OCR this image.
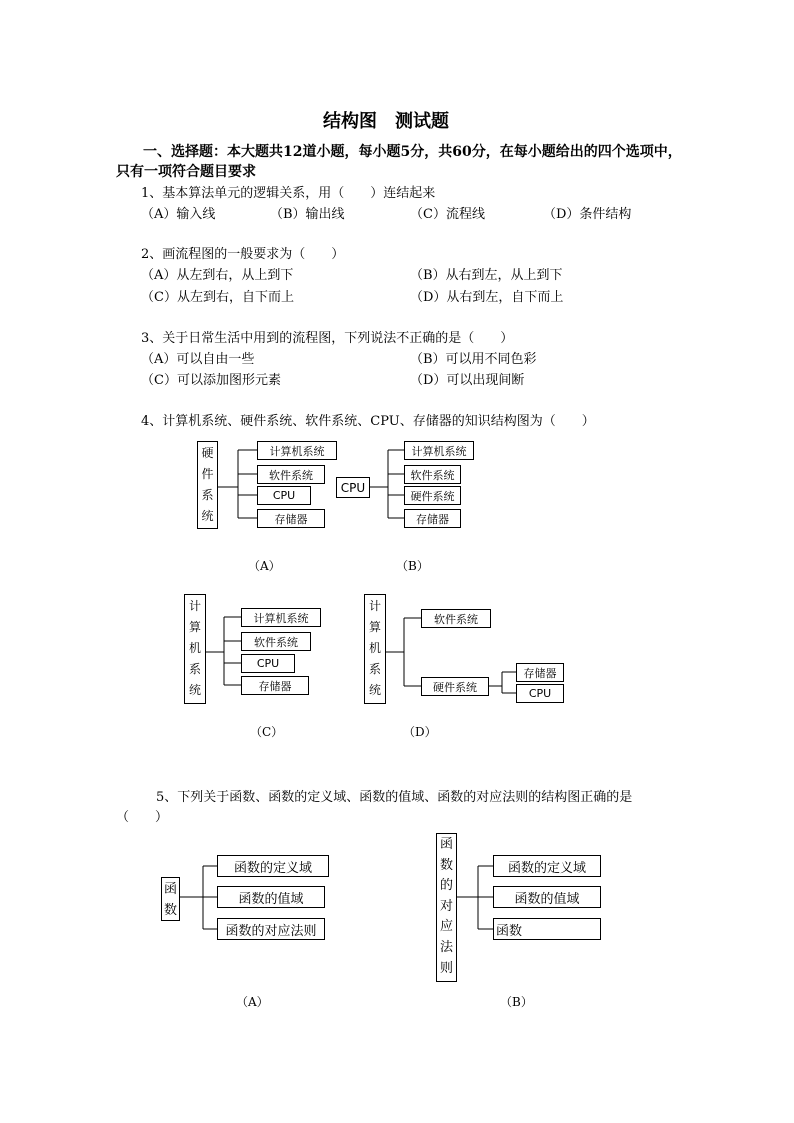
结构图　测试题
一、选择题：本大题共12道小题，每小题5分，共60分，在每小题给出的四个选项中，
只有一项符合题目要求
1、基本算法单元的逻辑关系，用（　　）连结起来
（A）输入线	（B）输出线	（C）流程线	（D）条件结构
2、画流程图的一般要求为（　　）
（A）从左到右，从上到下	（B）从右到左，从上到下
（C）从左到右，自下而上	（D）从右到左，自下而上
3、关于日常生活中用到的流程图，下列说法不正确的是（　　）
（A）可以自由一些	（B）可以用不同色彩
（C）可以添加图形元素	（D）可以出现间断
4、计算机系统、硬件系统、软件系统、CPU、存储器的知识结构图为（　　）
硬
件
系
统
计算机系统
软件系统
CPU
存储器
（A）
CPU
计算机系统
软件系统
硬件系统
存储器
（B）
计
算
机
系
统
计算机系统
软件系统
CPU
存储器
（C）
计
算
机
系
统
软件系统
硬件系统
存储器
CPU
（D）
5、下列关于函数、函数的定义域、函数的值域、函数的对应法则的结构图正确的是
（　　）
函
数
函数的定义域
函数的值域
函数的对应法则
（A）
函
数
的
对
应
法
则
函数的定义域
函数的值域
函数
（B）
